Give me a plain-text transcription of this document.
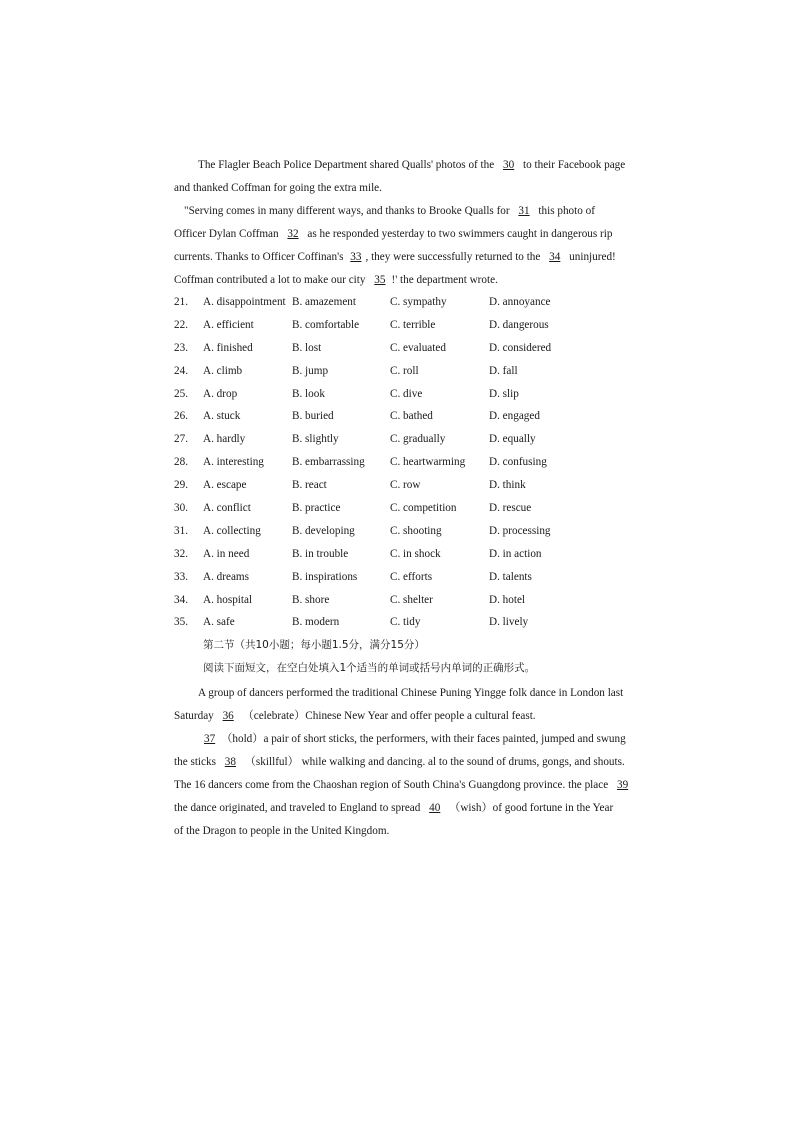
The Flagler Beach Police Department shared Qualls' photos of the 30 to their Facebook page
and thanked Coffman for going the extra mile.
"Serving comes in many different ways, and thanks to Brooke Qualls for 31 this photo of
Officer Dylan Coffman 32 as he responded yesterday to two swimmers caught in dangerous rip
currents. Thanks to Officer Coffinan's 33 , they were successfully returned to the 34 uninjured!
Coffman contributed a lot to make our city 35 !' the department wrote.

21. A. disappointment B. amazement	C. sympathy	D. annoyance
22. A. efficient	B. comfortable	C. terrible	D. dangerous
23. A. finished	B. lost	C. evaluated	D. considered
24. A. climb	B. jump	C. roll	D. fall
25. A. drop	B. look	C. dive	D. slip
26. A. stuck	B. buried	C. bathed	D. engaged
27. A. hardly	B. slightly	C. gradually	D. equally
28. A. interesting	B. embarrassing C. heartwarming D. confusing
29. A. escape	B. react	C. row	D. think
30. A. conflict	B. practice	C. competition	D. rescue
31. A. collecting	B. developing	C. shooting	D. processing
32. A. in need	B. in trouble	C. in shock	D. in action
33. A. dreams	B. inspirations	C. efforts	D. talents
34. A. hospital	B. shore	C. shelter	D. hotel
35. A. safe	B. modern	C. tidy	D. lively

第二节（共10小题；每小题1.5分，满分15分）

阅读下面短文，在空白处填入1个适当的单词或括号内单词的正确形式。

A group of dancers performed the traditional Chinese Puning Yingge folk dance in London last
Saturday 36 （celebrate）Chinese New Year and offer people a cultural feast.
37 （hold）a pair of short sticks, the performers, with their faces painted, jumped and swung
the sticks 38 （skillful） while walking and dancing. al to the sound of drums, gongs, and shouts.
The 16 dancers come from the Chaoshan region of South China's Guangdong province. the place 39
the dance originated, and traveled to England to spread 40 （wish）of good fortune in the Year
of the Dragon to people in the United Kingdom.
